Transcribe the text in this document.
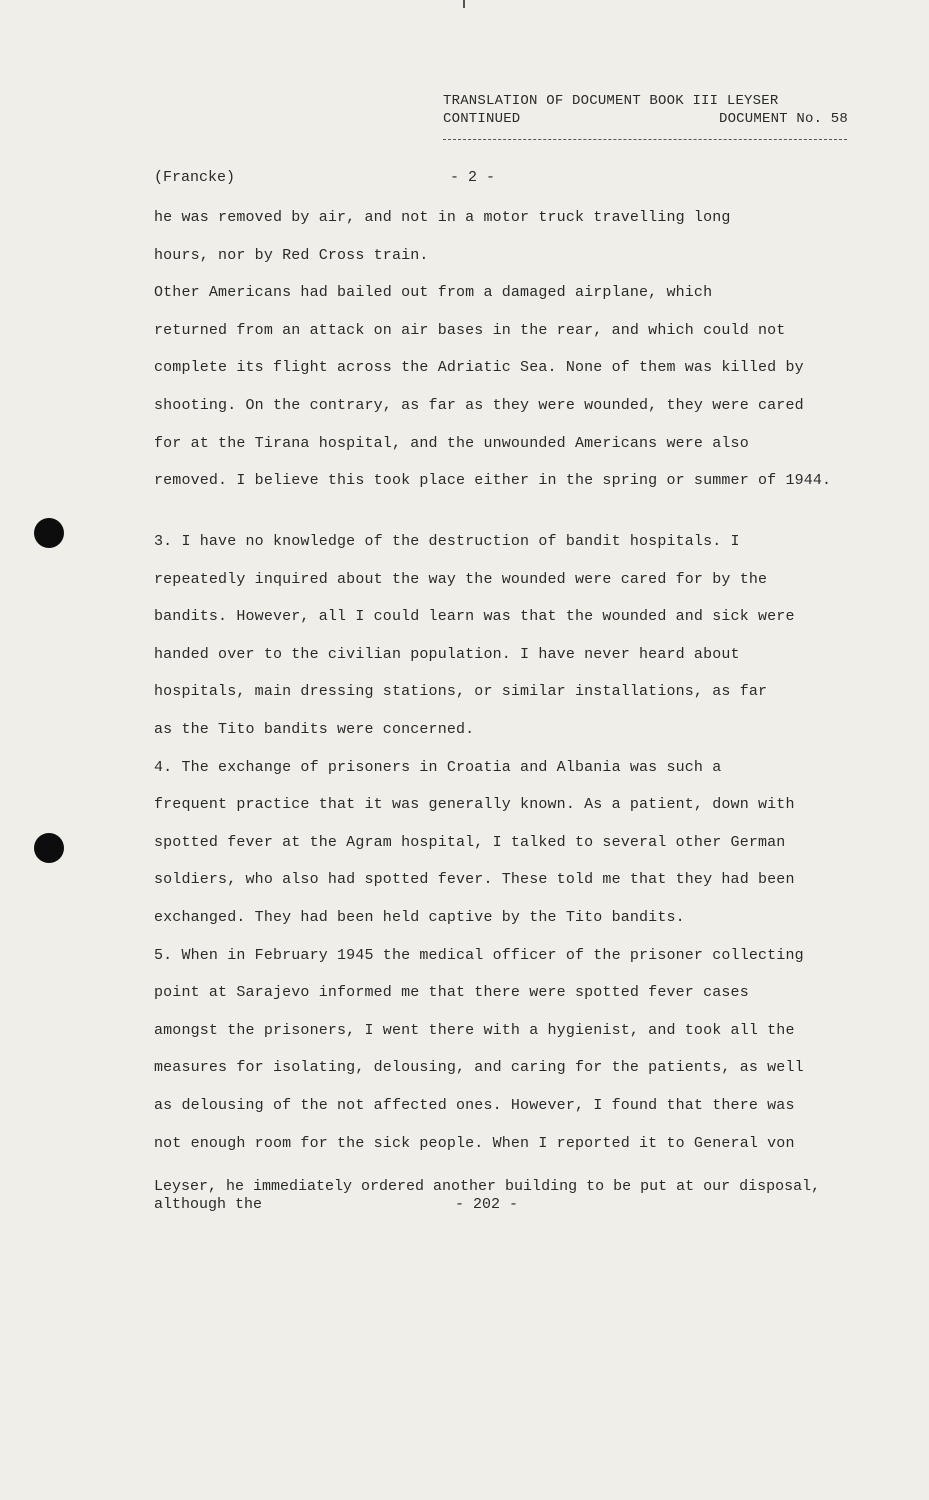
TRANSLATION OF DOCUMENT BOOK III LEYSER
CONTINUED	DOCUMENT No. 58
(Francke)	- 2 -
he was removed by air, and not in a motor truck travelling long
hours, nor by Red Cross train.
Other Americans had bailed out from a damaged airplane, which
returned from an attack on air bases in the rear, and which could not
complete its flight across the Adriatic Sea. None of them was killed by
shooting. On the contrary, as far as they were wounded, they were cared
for at the Tirana hospital, and the unwounded Americans were also
removed. I believe this took place either in the spring or summer of 1944.
3. I have no knowledge of the destruction of bandit hospitals. I
repeatedly inquired about the way the wounded were cared for by the
bandits. However, all I could learn was that the wounded and sick were
handed over to the civilian population. I have never heard about
hospitals, main dressing stations, or similar installations, as far
as the Tito bandits were concerned.
4. The exchange of prisoners in Croatia and Albania was such a
frequent practice that it was generally known. As a patient, down with
spotted fever at the Agram hospital, I talked to several other German
soldiers, who also had spotted fever. These told me that they had been
exchanged. They had been held captive by the Tito bandits.
5. When in February 1945 the medical officer of the prisoner collecting
point at Sarajevo informed me that there were spotted fever cases
amongst the prisoners, I went there with a hygienist, and took all the
measures for isolating, delousing, and caring for the patients, as well
as delousing of the not affected ones. However, I found that there was
not enough room for the sick people. When I reported it to General von
Leyser, he immediately ordered another building to be put at our disposal,
although the	- 202 -
